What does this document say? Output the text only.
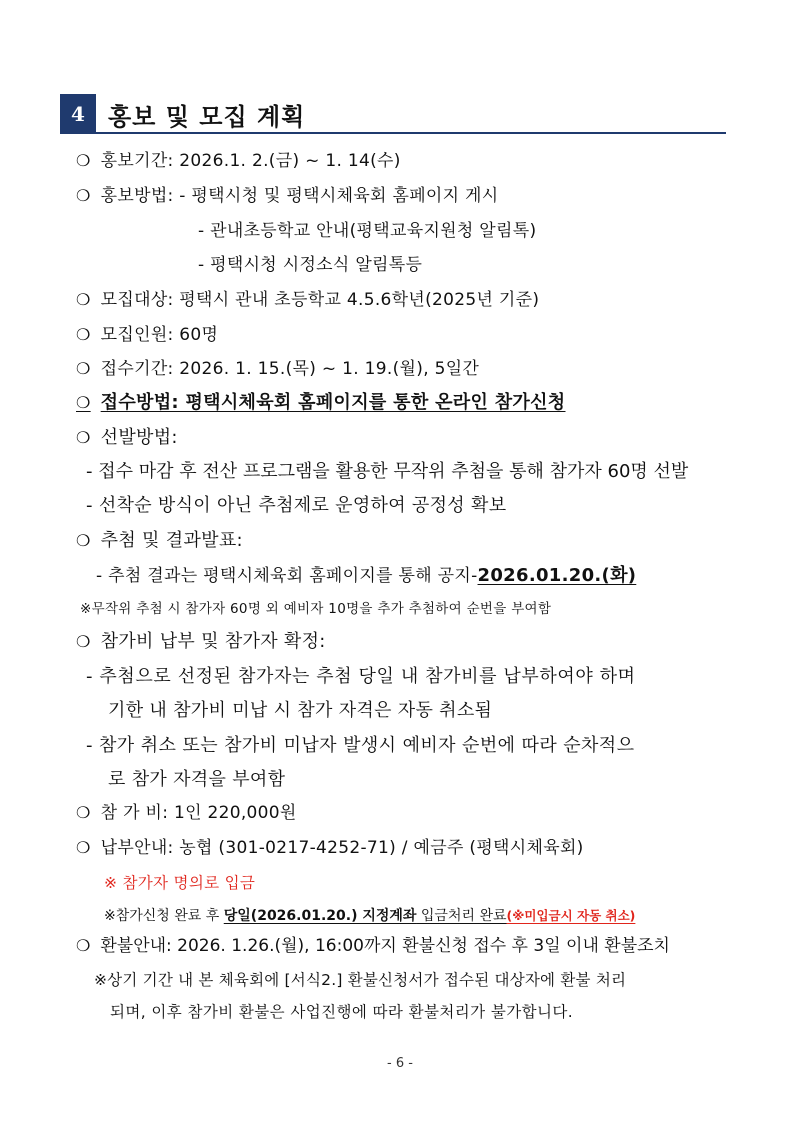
4 홍보 및 모집 계획
❍ 홍보기간: 2026.1. 2.(금) ~ 1. 14(수)
❍ 홍보방법: - 평택시청 및 평택시체육회 홈페이지 게시
- 관내초등학교 안내(평택교육지원청 알림톡)
- 평택시청 시정소식 알림톡등
❍ 모집대상: 평택시 관내 초등학교 4.5.6학년(2025년 기준)
❍ 모집인원: 60명
❍ 접수기간: 2026. 1. 15.(목) ~ 1. 19.(월), 5일간
❍ 접수방법: 평택시체육회 홈페이지를 통한 온라인 참가신청
❍ 선발방법:
- 접수 마감 후 전산 프로그램을 활용한 무작위 추첨을 통해 참가자 60명 선발
- 선착순 방식이 아닌 추첨제로 운영하여 공정성 확보
❍ 추첨 및 결과발표:
- 추첨 결과는 평택시체육회 홈페이지를 통해 공지-2026.01.20.(화)
※무작위 추첨 시 참가자 60명 외 예비자 10명을 추가 추첨하여 순번을 부여함
❍ 참가비 납부 및 참가자 확정:
- 추첨으로 선정된 참가자는 추첨 당일 내 참가비를 납부하여야 하며
기한 내 참가비 미납 시 참가 자격은 자동 취소됨
- 참가 취소 또는 참가비 미납자 발생시 예비자 순번에 따라 순차적으
로 참가 자격을 부여함
❍ 참 가 비: 1인 220,000원
❍ 납부안내: 농협 (301-0217-4252-71) / 예금주 (평택시체육회)
※ 참가자 명의로 입금
※참가신청 완료 후 당일(2026.01.20.) 지정계좌 입금처리 완료(※미입금시 자동 취소)
❍ 환불안내: 2026. 1.26.(월), 16:00까지 환불신청 접수 후 3일 이내 환불조치
※상기 기간 내 본 체육회에 [서식2.] 환불신청서가 접수된 대상자에 환불 처리
되며, 이후 참가비 환불은 사업진행에 따라 환불처리가 불가합니다.
- 6 -
